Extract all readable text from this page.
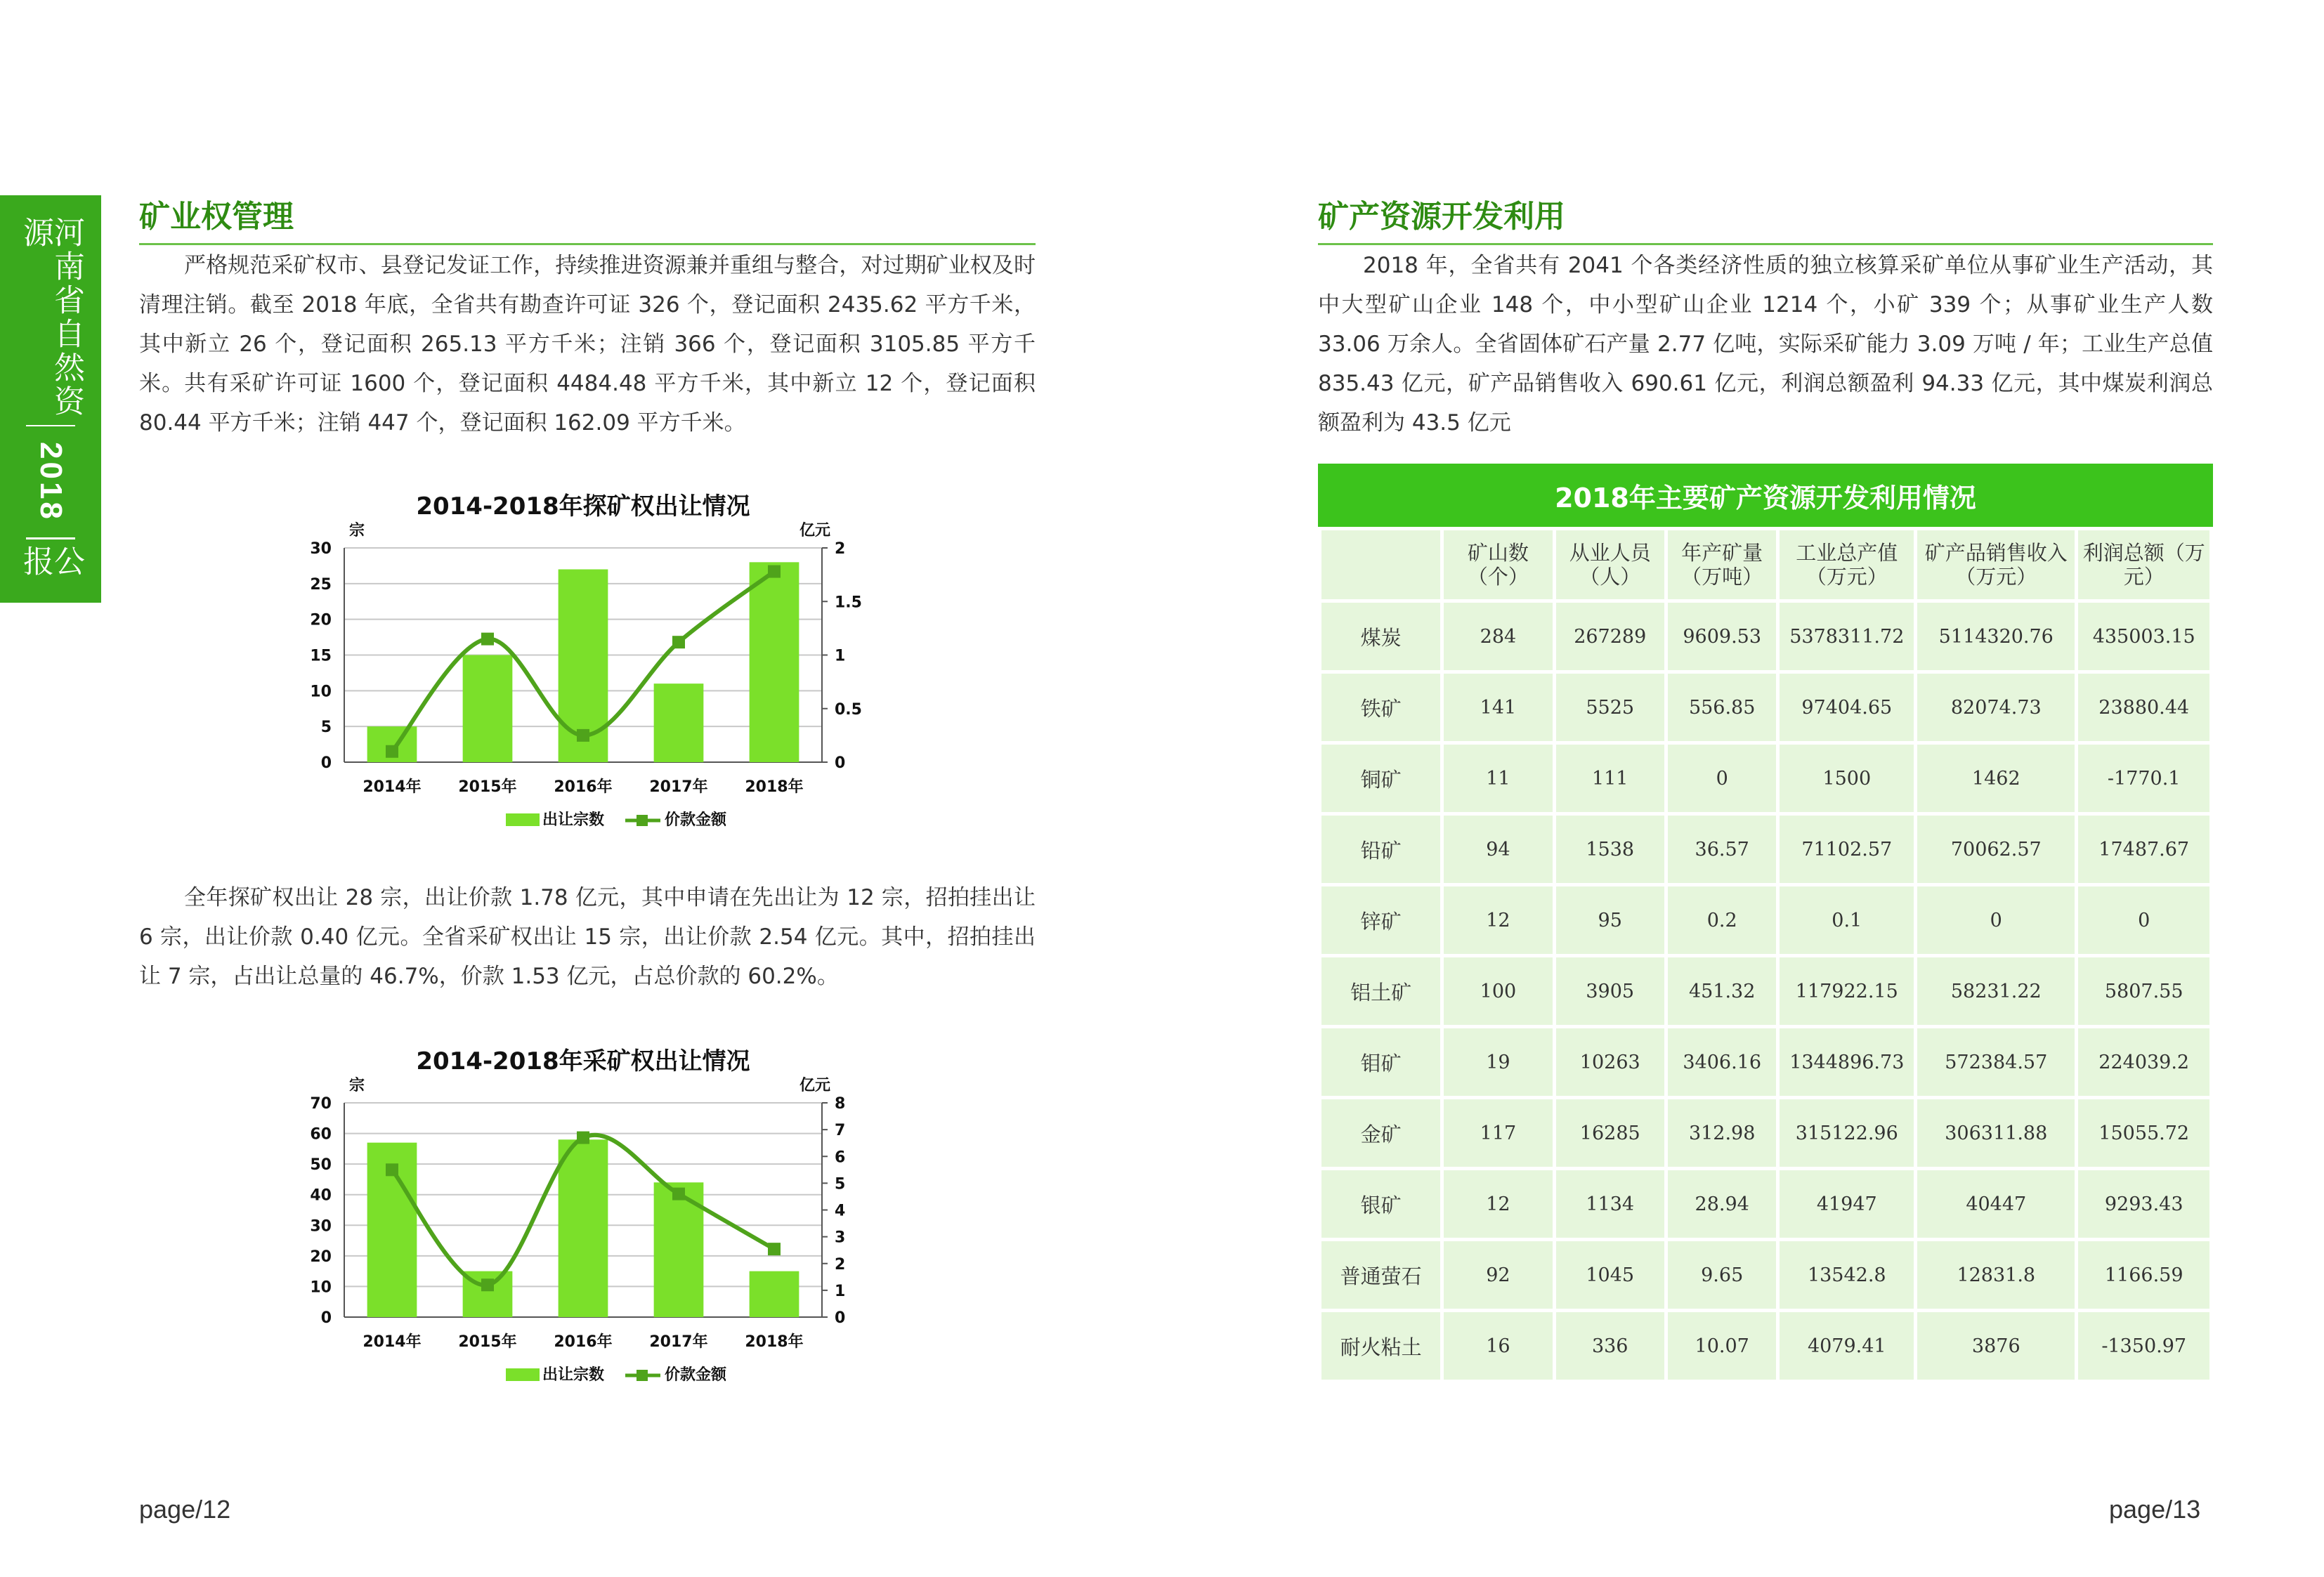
河南省自然资源
2018
公报
矿业权管理
严格规范采矿权市、县登记发证工作，持续推进资源兼并重组与整合，对过期矿业权及时清理注销。截至 2018 年底，全省共有勘查许可证 326 个，登记面积 2435.62 平方千米，其中新立 26 个，登记面积 265.13 平方千米；注销 366 个，登记面积 3105.85 平方千米。共有采矿许可证 1600 个，登记面积 4484.48 平方千米，其中新立 12 个，登记面积 80.44 平方千米；注销 447 个，登记面积 162.09 平方千米。
2014-2018年探矿权出让情况
宗	亿元
0
5
10
15
20
25
30
0
0.5
1
1.5
2
2014年 2015年 2016年 2017年 2018年
出让宗数	价款金额
全年探矿权出让 28 宗，出让价款 1.78 亿元，其中申请在先出让为 12 宗，招拍挂出让 6 宗，出让价款 0.40 亿元。全省采矿权出让 15 宗，出让价款 2.54 亿元。其中，招拍挂出让 7 宗，占出让总量的 46.7%，价款 1.53 亿元，占总价款的 60.2%。
2014-2018年采矿权出让情况
宗	亿元
0
10
20
30
40
50
60
70
0
1
2
3
4
5
6
7
8
2014年 2015年 2016年 2017年 2018年
出让宗数	价款金额
page/12
矿产资源开发利用
2018 年，全省共有 2041 个各类经济性质的独立核算采矿单位从事矿业生产活动，其中大型矿山企业 148 个，中小型矿山企业 1214 个，小矿 339 个；从事矿业生产人数 33.06 万余人。全省固体矿石产量 2.77 亿吨，实际采矿能力 3.09 万吨 / 年；工业生产总值 835.43 亿元，矿产品销售收入 690.61 亿元，利润总额盈利 94.33 亿元，其中煤炭利润总额盈利为 43.5 亿元
2018年主要矿产资源开发利用情况
	矿山数（个）	从业人员（人）	年产矿量（万吨）	工业总产值（万元）	矿产品销售收入（万元）	利润总额（万元）
煤炭	284	267289	9609.53	5378311.72	5114320.76	435003.15
铁矿	141	5525	556.85	97404.65	82074.73	23880.44
铜矿	11	111	0	1500	1462	-1770.1
铅矿	94	1538	36.57	71102.57	70062.57	17487.67
锌矿	12	95	0.2	0.1	0	0
铝土矿	100	3905	451.32	117922.15	58231.22	5807.55
钼矿	19	10263	3406.16	1344896.73	572384.57	224039.2
金矿	117	16285	312.98	315122.96	306311.88	15055.72
银矿	12	1134	28.94	41947	40447	9293.43
普通萤石	92	1045	9.65	13542.8	12831.8	1166.59
耐火粘土	16	336	10.07	4079.41	3876	-1350.97
page/13
